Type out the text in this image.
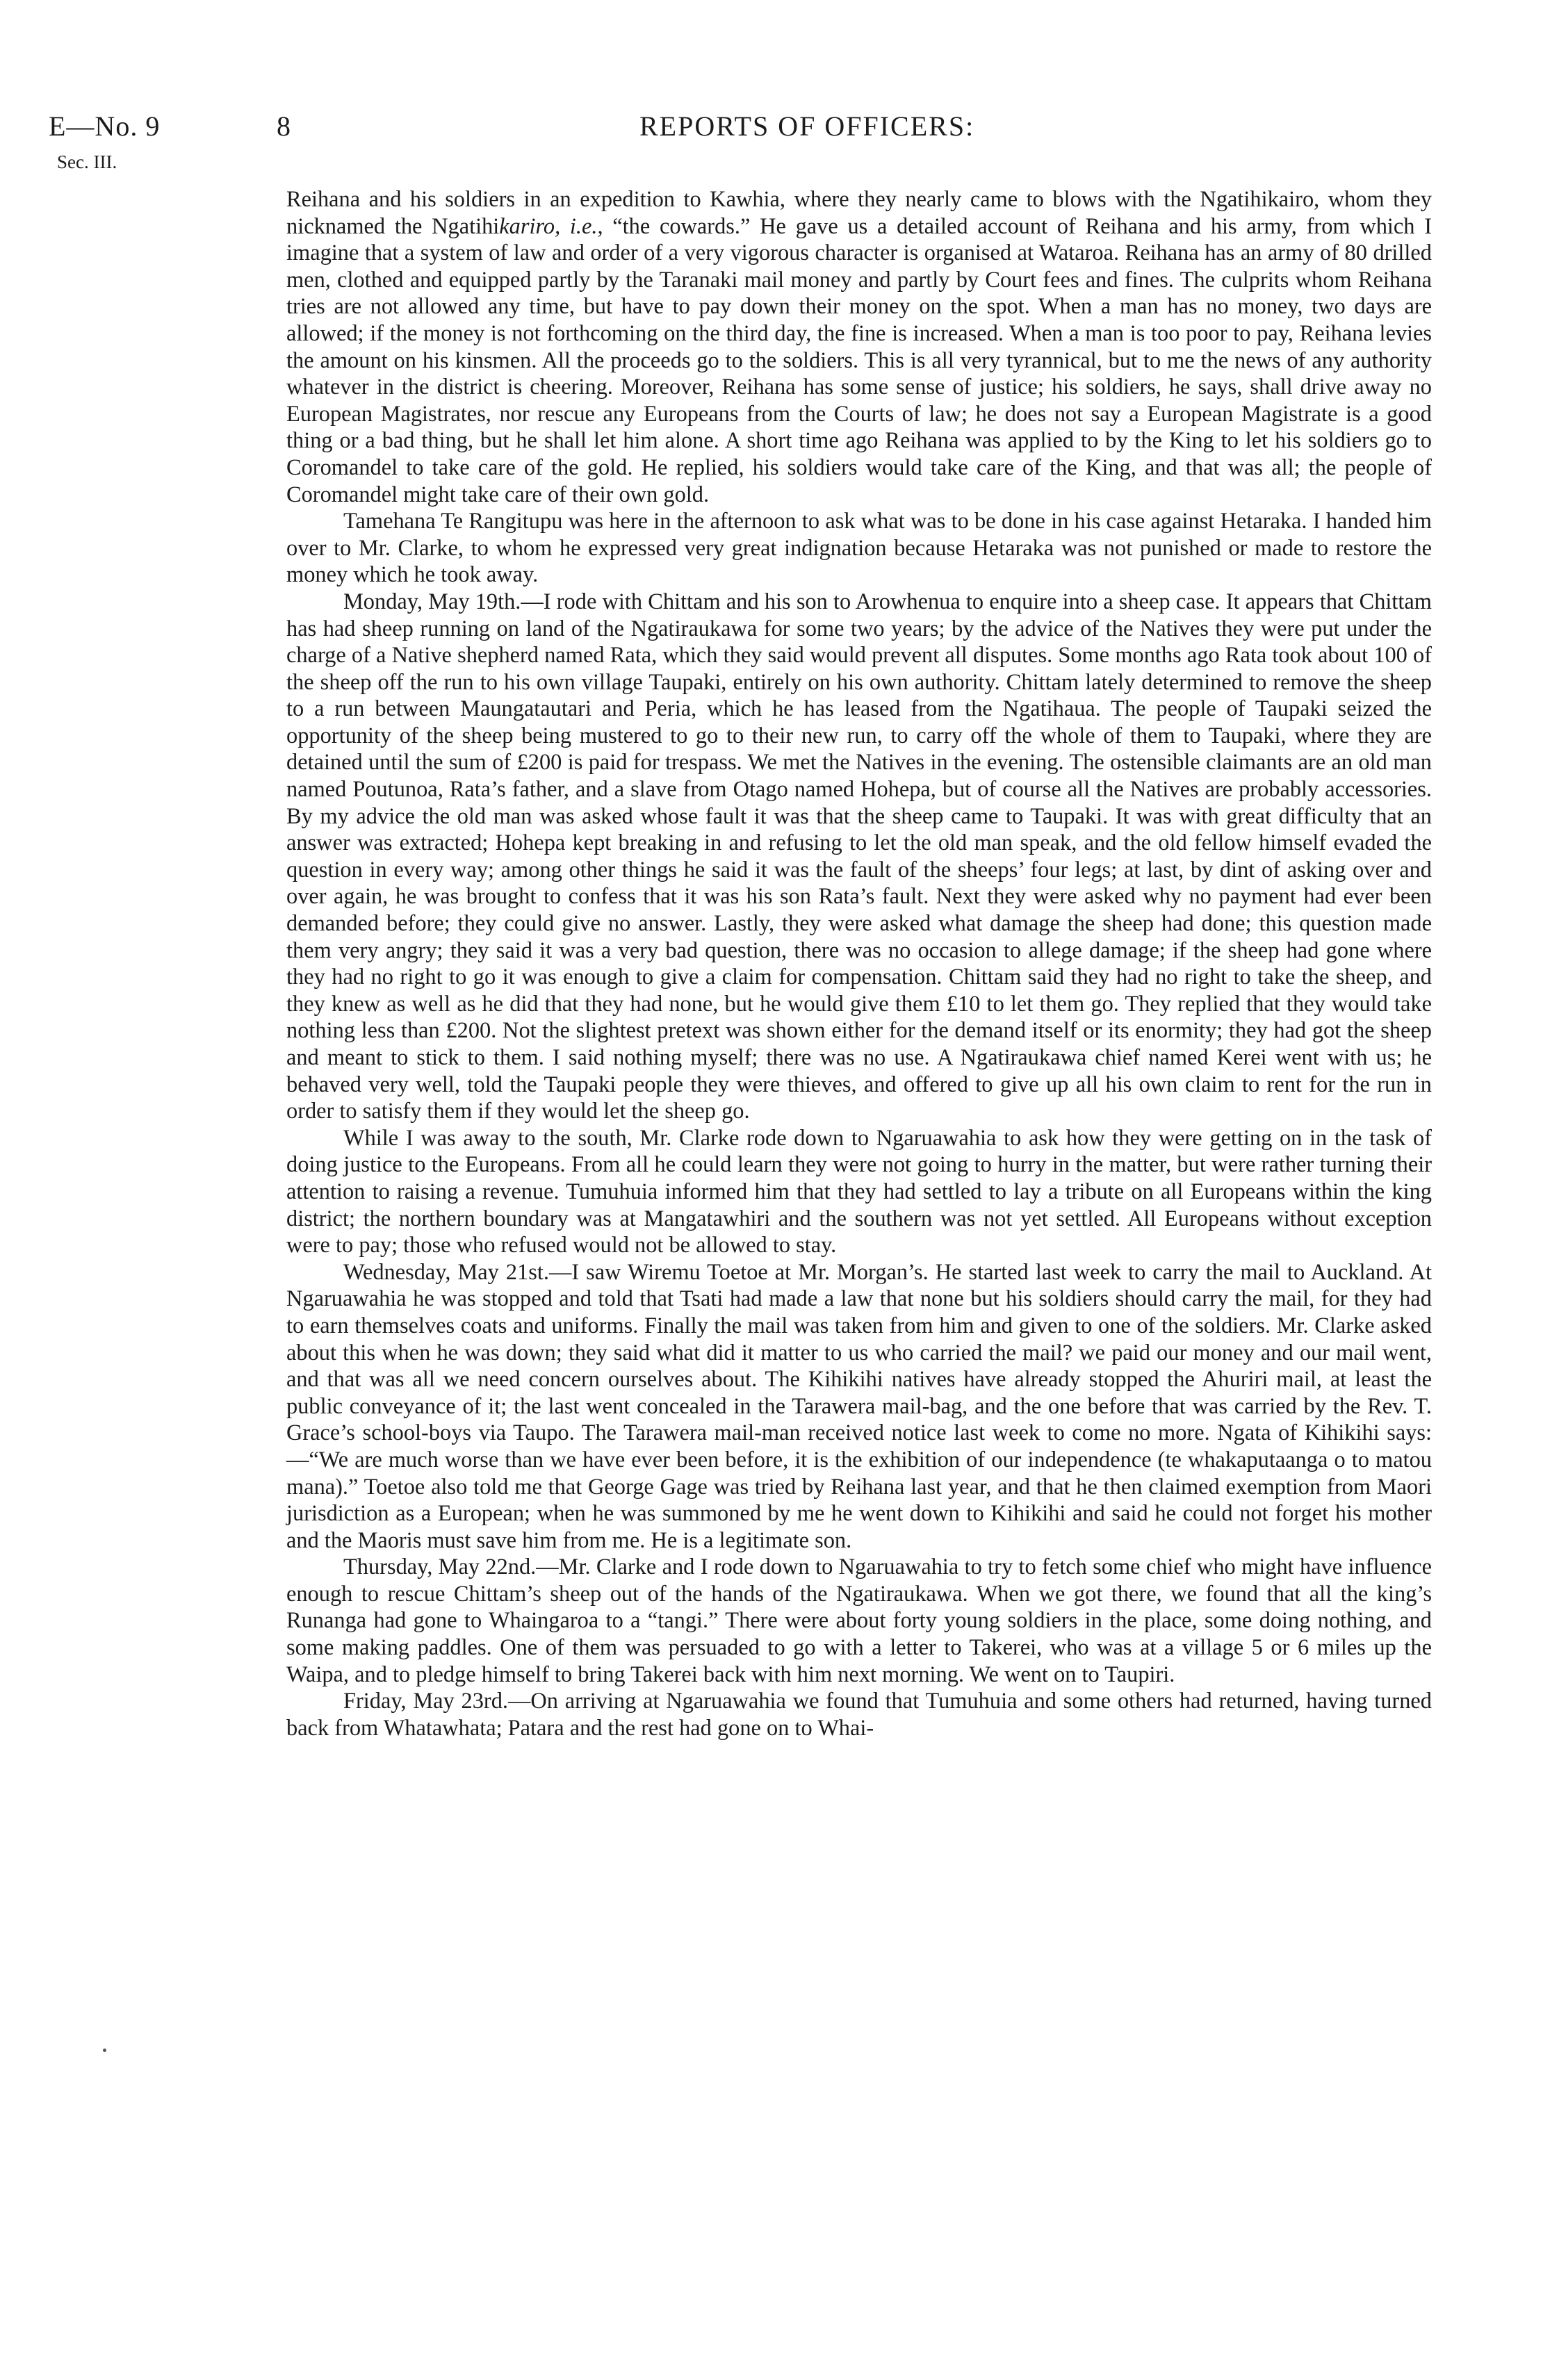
E—No. 9
Sec. III.
8	REPORTS OF OFFICERS:

Reihana and his soldiers in an expedition to Kawhia, where they nearly came to blows with the Ngatihikairo, whom they nicknamed the Ngatihikariro, i.e., “the cowards.” He gave us a detailed account of Reihana and his army, from which I imagine that a system of law and order of a very vigorous character is organised at Wataroa. Reihana has an army of 80 drilled men, clothed and equipped partly by the Taranaki mail money and partly by Court fees and fines. The culprits whom Reihana tries are not allowed any time, but have to pay down their money on the spot. When a man has no money, two days are allowed; if the money is not forthcoming on the third day, the fine is increased. When a man is too poor to pay, Reihana levies the amount on his kinsmen. All the proceeds go to the soldiers. This is all very tyrannical, but to me the news of any authority whatever in the district is cheering. Moreover, Reihana has some sense of justice; his soldiers, he says, shall drive away no European Magistrates, nor rescue any Europeans from the Courts of law; he does not say a European Magistrate is a good thing or a bad thing, but he shall let him alone. A short time ago Reihana was applied to by the King to let his soldiers go to Coromandel to take care of the gold. He replied, his soldiers would take care of the King, and that was all; the people of Coromandel might take care of their own gold.

Tamehana Te Rangitupu was here in the afternoon to ask what was to be done in his case against Hetaraka. I handed him over to Mr. Clarke, to whom he expressed very great indignation because Hetaraka was not punished or made to restore the money which he took away.

Monday, May 19th.—I rode with Chittam and his son to Arowhenua to enquire into a sheep case. It appears that Chittam has had sheep running on land of the Ngatiraukawa for some two years; by the advice of the Natives they were put under the charge of a Native shepherd named Rata, which they said would prevent all disputes. Some months ago Rata took about 100 of the sheep off the run to his own village Taupaki, entirely on his own authority. Chittam lately determined to remove the sheep to a run between Maungatautari and Peria, which he has leased from the Ngatihaua. The people of Taupaki seized the opportunity of the sheep being mustered to go to their new run, to carry off the whole of them to Taupaki, where they are detained until the sum of £200 is paid for trespass. We met the Natives in the evening. The ostensible claimants are an old man named Poutunoa, Rata’s father, and a slave from Otago named Hohepa, but of course all the Natives are probably accessories. By my advice the old man was asked whose fault it was that the sheep came to Taupaki. It was with great difficulty that an answer was extracted; Hohepa kept breaking in and refusing to let the old man speak, and the old fellow himself evaded the question in every way; among other things he said it was the fault of the sheeps’ four legs; at last, by dint of asking over and over again, he was brought to confess that it was his son Rata’s fault. Next they were asked why no payment had ever been demanded before; they could give no answer. Lastly, they were asked what damage the sheep had done; this question made them very angry; they said it was a very bad question, there was no occasion to allege damage; if the sheep had gone where they had no right to go it was enough to give a claim for compensation. Chittam said they had no right to take the sheep, and they knew as well as he did that they had none, but he would give them £10 to let them go. They replied that they would take nothing less than £200. Not the slightest pretext was shown either for the demand itself or its enormity; they had got the sheep and meant to stick to them. I said nothing myself; there was no use. A Ngatiraukawa chief named Kerei went with us; he behaved very well, told the Taupaki people they were thieves, and offered to give up all his own claim to rent for the run in order to satisfy them if they would let the sheep go.

While I was away to the south, Mr. Clarke rode down to Ngaruawahia to ask how they were getting on in the task of doing justice to the Europeans. From all he could learn they were not going to hurry in the matter, but were rather turning their attention to raising a revenue. Tumuhuia informed him that they had settled to lay a tribute on all Europeans within the king district; the northern boundary was at Mangatawhiri and the southern was not yet settled. All Europeans without exception were to pay; those who refused would not be allowed to stay.

Wednesday, May 21st.—I saw Wiremu Toetoe at Mr. Morgan’s. He started last week to carry the mail to Auckland. At Ngaruawahia he was stopped and told that Tsati had made a law that none but his soldiers should carry the mail, for they had to earn themselves coats and uniforms. Finally the mail was taken from him and given to one of the soldiers. Mr. Clarke asked about this when he was down; they said what did it matter to us who carried the mail? we paid our money and our mail went, and that was all we need concern ourselves about. The Kihikihi natives have already stopped the Ahuriri mail, at least the public conveyance of it; the last went concealed in the Tarawera mail-bag, and the one before that was carried by the Rev. T. Grace’s school-boys via Taupo. The Tarawera mail-man received notice last week to come no more. Ngata of Kihikihi says:—“We are much worse than we have ever been before, it is the exhibition of our independence (te whakaputaanga o to matou mana).” Toetoe also told me that George Gage was tried by Reihana last year, and that he then claimed exemption from Maori jurisdiction as a European; when he was summoned by me he went down to Kihikihi and said he could not forget his mother and the Maoris must save him from me. He is a legitimate son.

Thursday, May 22nd.—Mr. Clarke and I rode down to Ngaruawahia to try to fetch some chief who might have influence enough to rescue Chittam’s sheep out of the hands of the Ngatiraukawa. When we got there, we found that all the king’s Runanga had gone to Whaingaroa to a “tangi.” There were about forty young soldiers in the place, some doing nothing, and some making paddles. One of them was persuaded to go with a letter to Takerei, who was at a village 5 or 6 miles up the Waipa, and to pledge himself to bring Takerei back with him next morning. We went on to Taupiri.

Friday, May 23rd.—On arriving at Ngaruawahia we found that Tumuhuia and some others had returned, having turned back from Whatawhata; Patara and the rest had gone on to Whai-
